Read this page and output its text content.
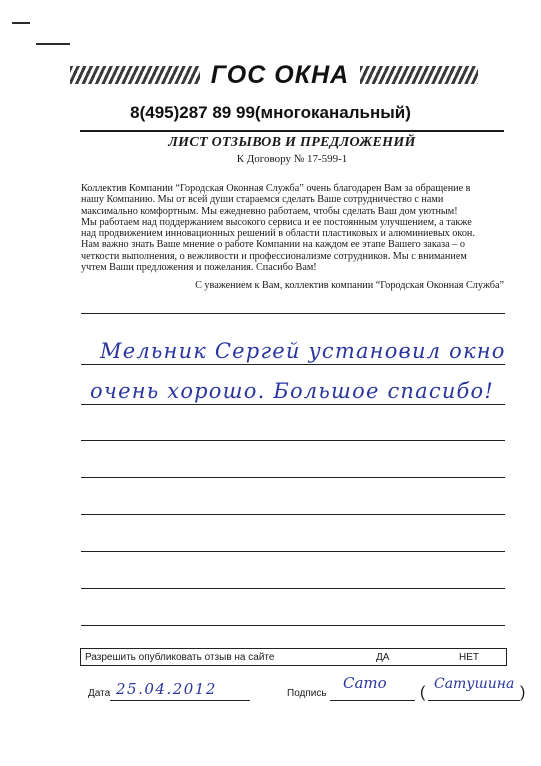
ГОС ОКНА
8(495)287 89 99(многоканальный)
ЛИСТ ОТЗЫВОВ И ПРЕДЛОЖЕНИЙ
К Договору № 17-599-1
Коллектив Компании “Городская Оконная Служба” очень благодарен Вам за обращение в
нашу Компанию. Мы от всей души стараемся сделать Ваше сотрудничество с нами
максимально комфортным. Мы ежедневно работаем, чтобы сделать Ваш дом уютным!
Мы работаем над поддержанием высокого сервиса и ее постоянным улучшением, а также
над продвижением инновационных решений в области пластиковых и алюминиевых окон.
Нам важно знать Ваше мнение о работе Компании на каждом ее этапе Вашего заказа – о
четкости выполнения, о вежливости и профессионализме сотрудников. Мы с вниманием
учтем Ваши предложения и пожелания. Спасибо Вам!
С уважением к Вам, коллектив компании “Городская Оконная Служба”
Мельник Сергей установил окно
очень хорошо. Большое спасибо!
Разрешить опубликовать отзыв на сайте	ДА	НЕТ
Дата 25.04.2012	Подпись
Сато
( Сатушина )
